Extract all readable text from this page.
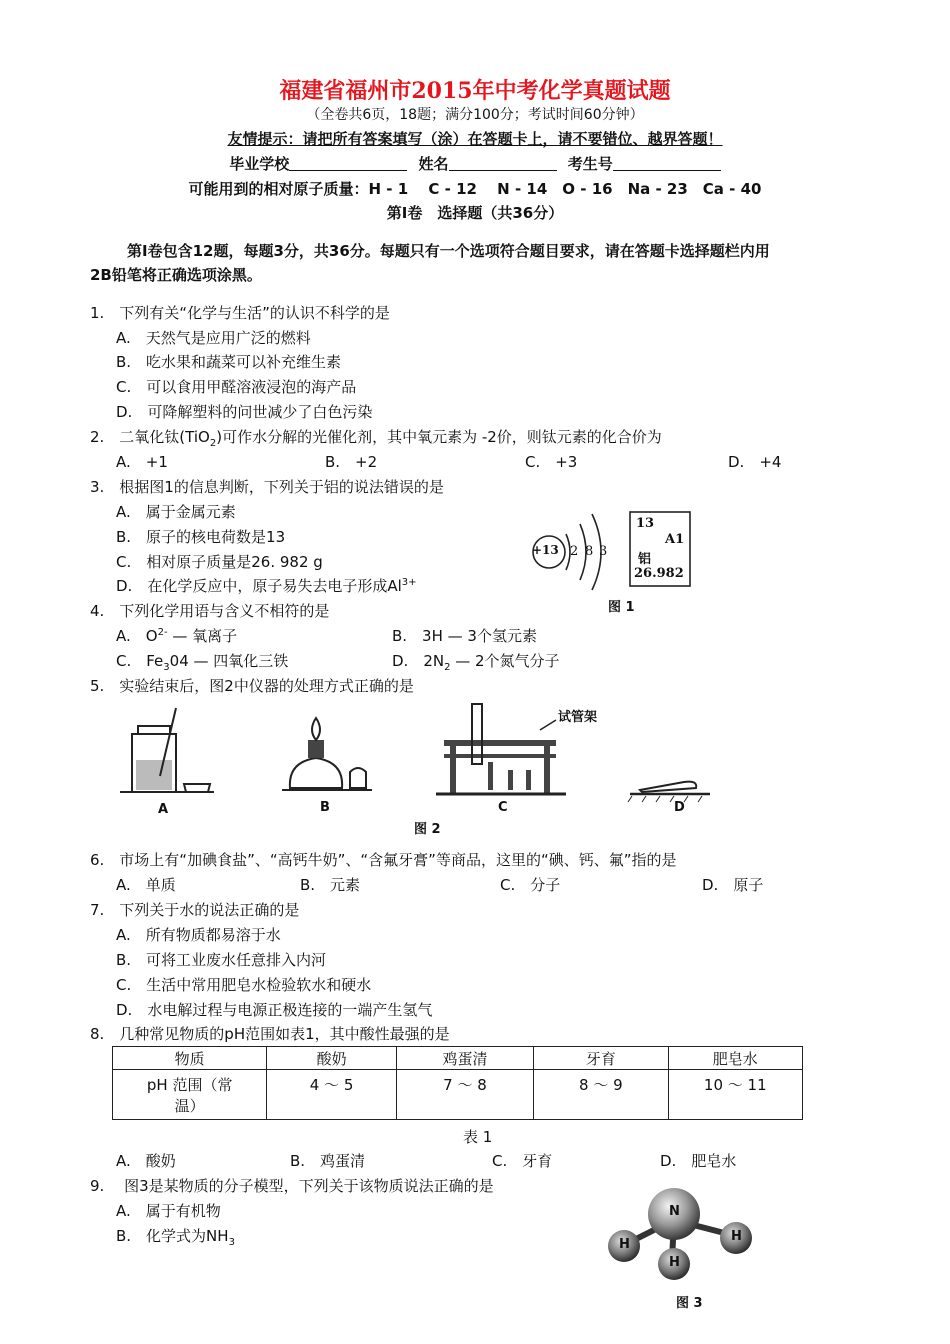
福建省福州市2015年中考化学真题试题
（全卷共6页，18题；满分100分；考试时间60分钟）
友情提示：请把所有答案填写（涂）在答题卡上，请不要错位、越界答题！
毕业学校	姓名	考生号
可能用到的相对原子质量：H - 1　 C - 12　 N - 14　O - 16　Na - 23　Ca - 40
第Ⅰ卷　选择题（共36分）
　第Ⅰ卷包含12题，每题3分，共36分。每题只有一个选项符合题目要求，请在答题卡选择题栏内用
2B铅笔将正确选项涂黑。
1.　下列有关“化学与生活”的认识不科学的是
A.　天然气是应用广泛的燃料
B.　吃水果和蔬菜可以补充维生素
C.　可以食用甲醛溶液浸泡的海产品
D.　可降解塑料的问世减少了白色污染
2.　二氧化钛(TiO$_2$)可作水分解的光催化剂，其中氧元素为 -2价，则钛元素的化合价为
A.　+1	B.　+2	C.　+3	D.　+4
3.　根据图1的信息判断，下列关于铝的说法错误的是
A.　属于金属元素
B.　原子的核电荷数是13
C.　相对原子质量是26. 982 g
D.　在化学反应中，原子易失去电子形成$Al^{3+}$
+13 2 8 3
13
A1
铝
26.982
图 1
4.　下列化学用语与含义不相符的是
A.　$O^{2-}$ — 氧离子	B.　3H — 3个氢元素
C.　$Fe_304$ — 四氧化三铁	D.　$2N_2$ — 2个氮气分子
5.　实验结束后，图2中仪器的处理方式正确的是
试管架
A	B	C	D
图 2
6.　市场上有“加碘食盐”、“高钙牛奶”、“含氟牙膏”等商品，这里的“碘、钙、氟”指的是
A.　单质	B.　元素	C.　分子	D.　原子
7.　下列关于水的说法正确的是
A.　所有物质都易溶于水
B.　可将工业废水任意排入内河
C.　生活中常用肥皂水检验软水和硬水
D.　水电解过程与电源正极连接的一端产生氢气
8.　几种常见物质的pH范围如表1，其中酸性最强的是
物质	酸奶	鸡蛋清	牙育	肥皂水
pH 范围（常
温）	4 ～ 5	7 ～ 8	8 ～ 9	10 ～ 11
表 1
A.　酸奶	B.　鸡蛋清	C.　牙育	D.　肥皂水
9.　 图3是某物质的分子模型，下列关于该物质说法正确的是
A.　属于有机物
B.　化学式为$NH_3$
N
H
H
H
图 3
